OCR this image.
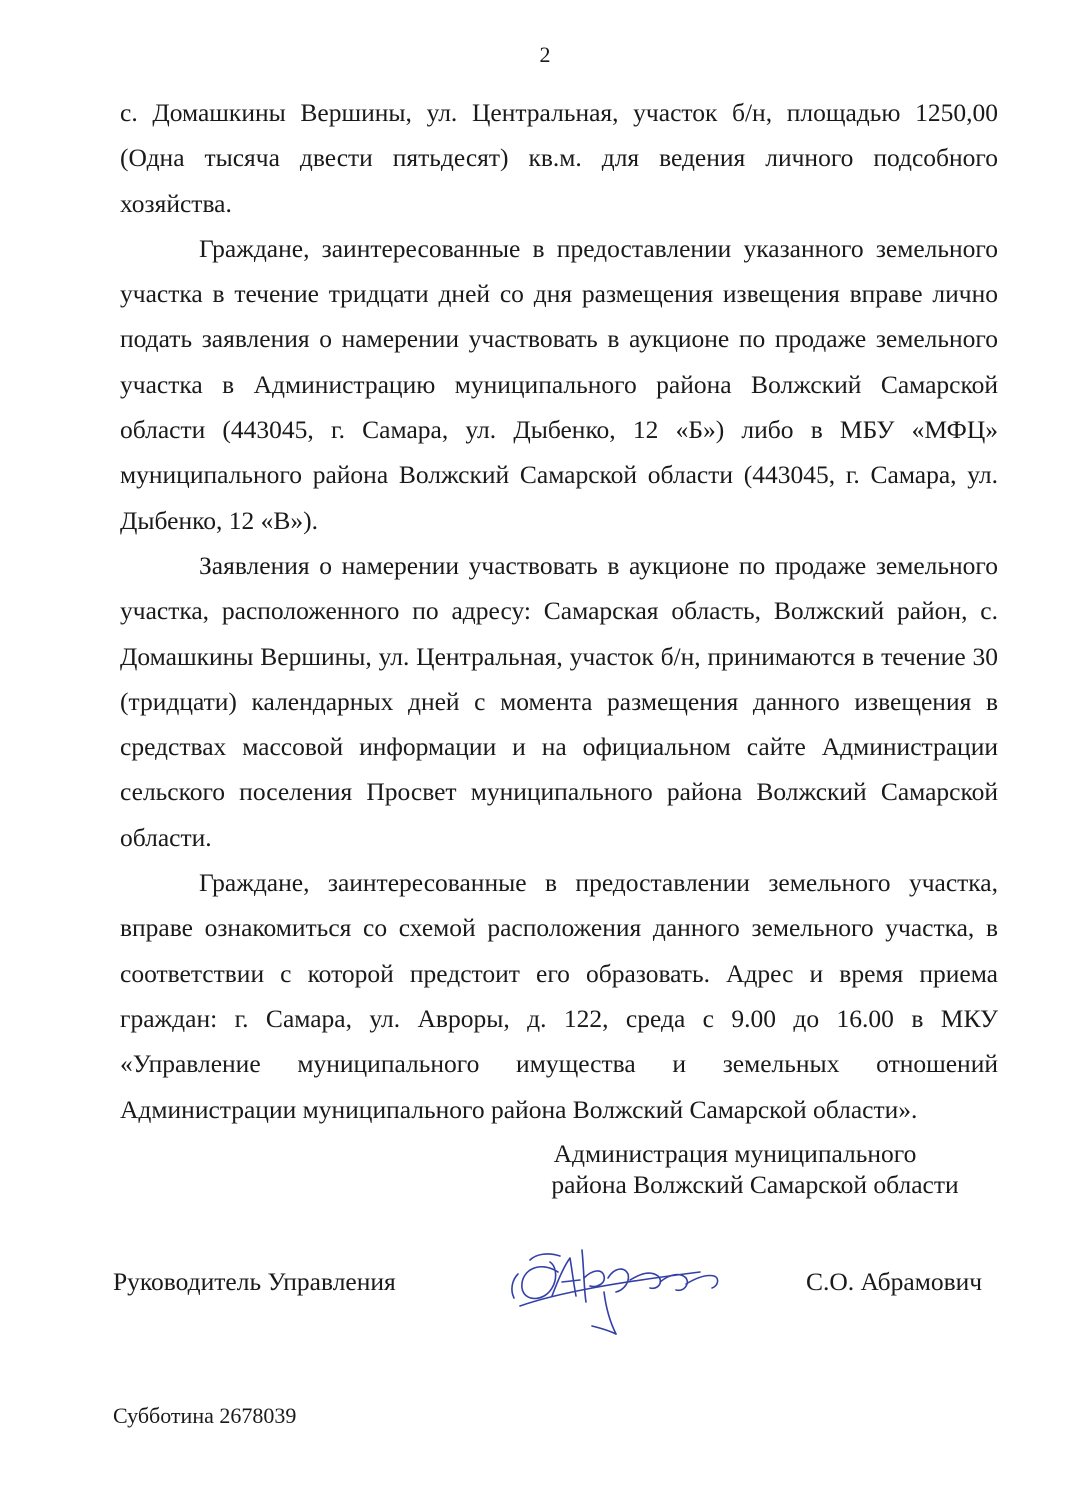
2

с. Домашкины Вершины, ул. Центральная, участок б/н, площадью 1250,00 (Одна тысяча двести пятьдесят) кв.м. для ведения личного подсобного хозяйства.

Граждане, заинтересованные в предоставлении указанного земельного участка в течение тридцати дней со дня размещения извещения вправе лично подать заявления о намерении участвовать в аукционе по продаже земельного участка в Администрацию муниципального района Волжский Самарской области (443045, г. Самара, ул. Дыбенко, 12 «Б») либо в МБУ «МФЦ» муниципального района Волжский Самарской области (443045, г. Самара, ул. Дыбенко, 12 «В»).

Заявления о намерении участвовать в аукционе по продаже земельного участка, расположенного по адресу: Самарская область, Волжский район, с. Домашкины Вершины, ул. Центральная, участок б/н, принимаются в течение 30 (тридцати) календарных дней с момента размещения данного извещения в средствах массовой информации и на официальном сайте Администрации сельского поселения Просвет муниципального района Волжский Самарской области.

Граждане, заинтересованные в предоставлении земельного участка, вправе ознакомиться со схемой расположения данного земельного участка, в соответствии с которой предстоит его образовать. Адрес и время приема граждан: г. Самара, ул. Авроры, д. 122, среда с 9.00 до 16.00 в МКУ «Управление муниципального имущества и земельных отношений Администрации муниципального района Волжский Самарской области».

Администрация муниципального
района Волжский Самарской области
Руководитель Управления	С.О. Абрамович
Субботина 2678039
